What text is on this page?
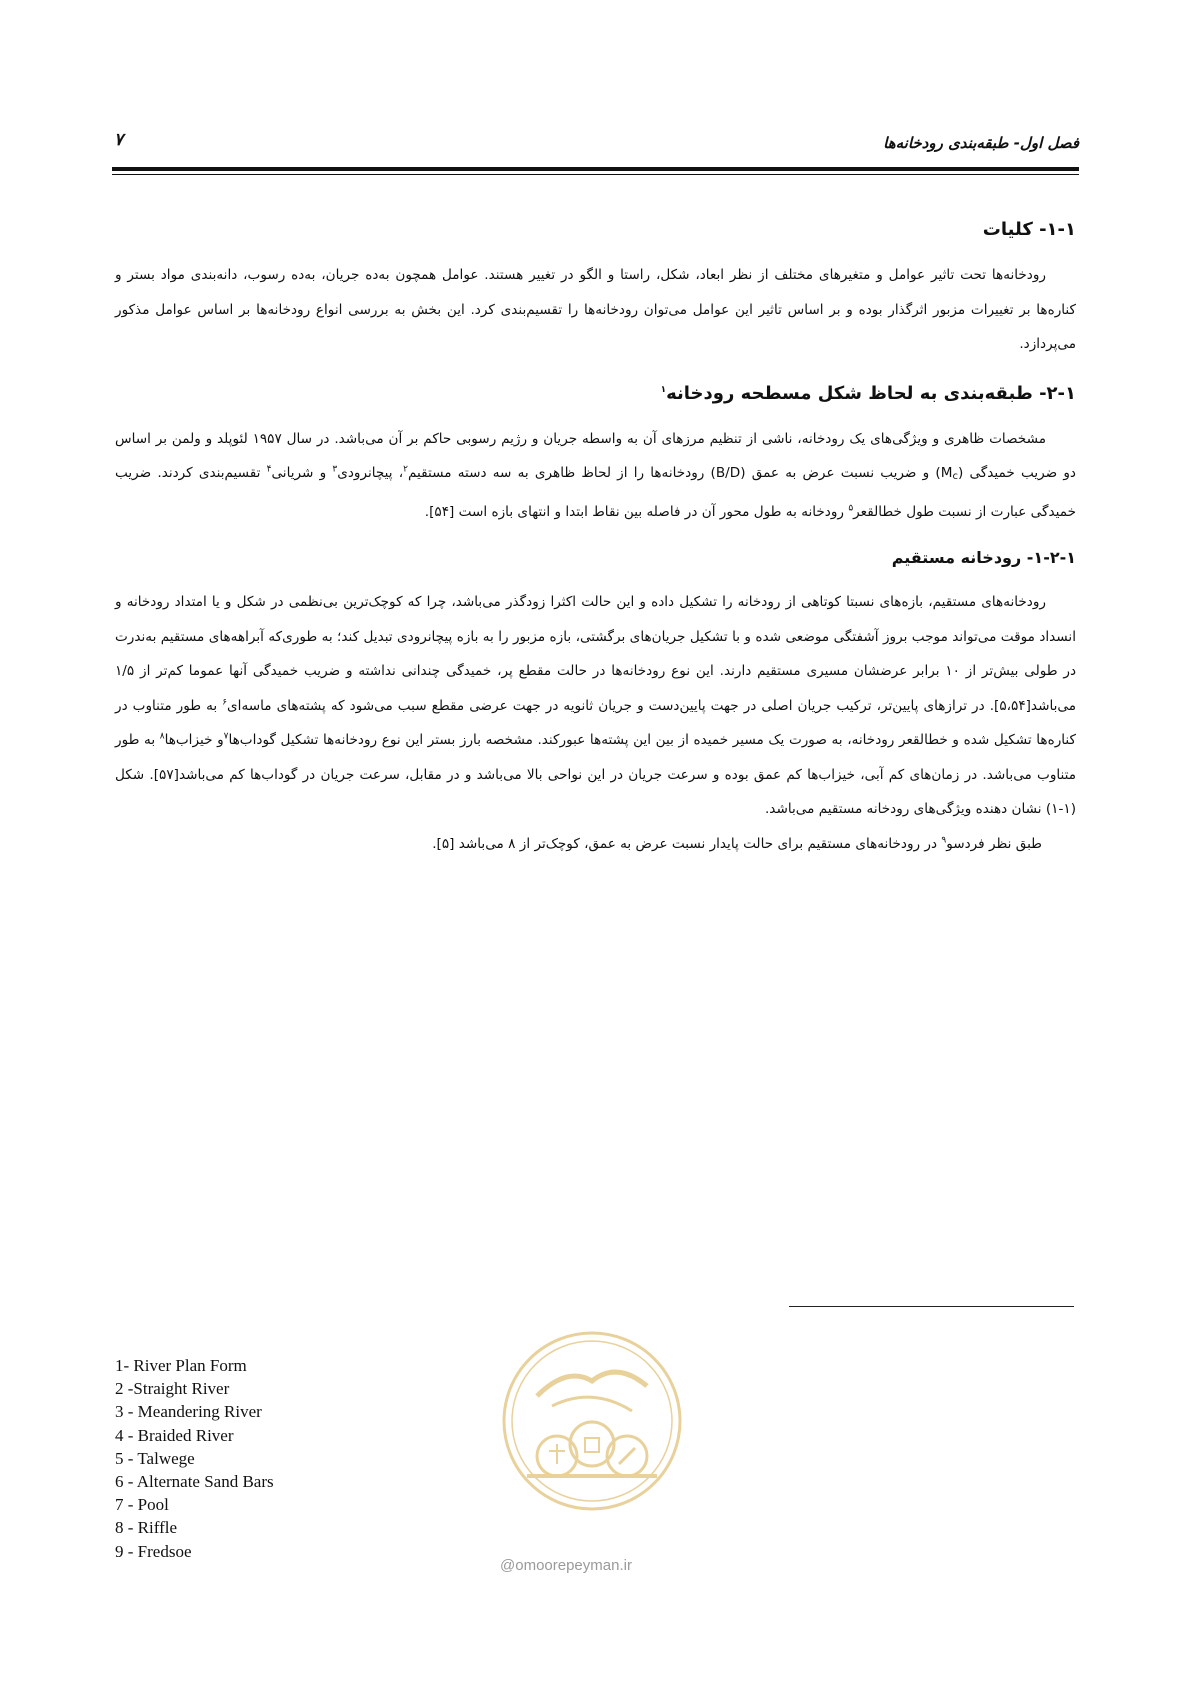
فصل اول- طبقه‌بندی رودخانه‌ها
۷
۱-۱- کلیات

رودخانه‌ها تحت تاثیر عوامل و متغیرهای مختلف از نظر ابعاد، شکل، راستا و الگو در تغییر هستند. عوامل همچون به‌ده جریان، به‌ده رسوب، دانه‌بندی مواد بستر و کناره‌ها بر تغییرات مزبور اثرگذار بوده و بر اساس تاثیر این عوامل می‌توان رودخانه‌ها را تقسیم‌بندی کرد. این بخش به بررسی انواع رودخانه‌ها بر اساس عوامل مذکور می‌پردازد.

۲-۱- طبقه‌بندی به لحاظ شکل مسطحه رودخانه$^۱$

مشخصات ظاهری و ویژگی‌های یک رودخانه، ناشی از تنظیم مرزهای آن به واسطه جریان و رژیم رسوبی حاکم بر آن می‌باشد. در سال ۱۹۵۷ لئوپلد و ولمن بر اساس دو ضریب خمیدگی $(M_c)$ و ضریب نسبت عرض به عمق (B/D) رودخانه‌ها را از لحاظ ظاهری به سه دسته مستقیم$^۲$، پیچانرودی$^۳$ و شریانی$^۴$ تقسیم‌بندی کردند. ضریب خمیدگی عبارت از نسبت طول خطالقعر$^۵$ رودخانه به طول محور آن در فاصله بین نقاط ابتدا و انتهای بازه است [۵۴].

۱-۲-۱- رودخانه مستقیم

رودخانه‌های مستقیم، بازه‌های نسبتا کوتاهی از رودخانه را تشکیل داده و این حالت اکثرا زودگذر می‌باشد، چرا که کوچک‌ترین بی‌نظمی در شکل و یا امتداد رودخانه و انسداد موقت می‌تواند موجب بروز آشفتگی موضعی شده و با تشکیل جریان‌های برگشتی، بازه مزبور را به بازه پیچانرودی تبدیل کند؛ به طوری‌که آبراهه‌های مستقیم به‌ندرت در طولی بیش‌تر از ۱۰ برابر عرضشان مسیری مستقیم دارند. این نوع رودخانه‌ها در حالت مقطع پر، خمیدگی چندانی نداشته و ضریب خمیدگی آنها عموما کم‌تر از ۱/۵ می‌باشد[۵،۵۴]. در ترازهای پایین‌تر، ترکیب جریان اصلی در جهت پایین‌دست و جریان ثانویه در جهت عرضی مقطع سبب می‌شود که پشته‌های ماسه‌ای$^۶$ به طور متناوب در کناره‌ها تشکیل شده و خطالقعر رودخانه، به صورت یک مسیر خمیده از بین این پشته‌ها عبورکند. مشخصه بارز بستر این نوع رودخانه‌ها تشکیل گوداب‌ها$^۷$و خیزاب‌ها$^۸$ به طور متناوب می‌باشد. در زمان‌های کم آبی، خیزاب‌ها کم عمق بوده و سرعت جریان در این نواحی بالا می‌باشد و در مقابل، سرعت جریان در گوداب‌ها کم می‌باشد[۵۷]. شکل (۱-۱) نشان دهنده ویژگی‌های رودخانه مستقیم می‌باشد.

طبق نظر فردسو$^۹$ در رودخانه‌های مستقیم برای حالت پایدار نسبت عرض به عمق، کوچک‌تر از ۸ می‌باشد [۵].

1- River Plan Form
2 -Straight River
3 - Meandering River
4 - Braided River
5 - Talwege
6 - Alternate Sand Bars
7 - Pool
8 - Riffle
9 - Fredsoe
@omoorepeyman.ir
